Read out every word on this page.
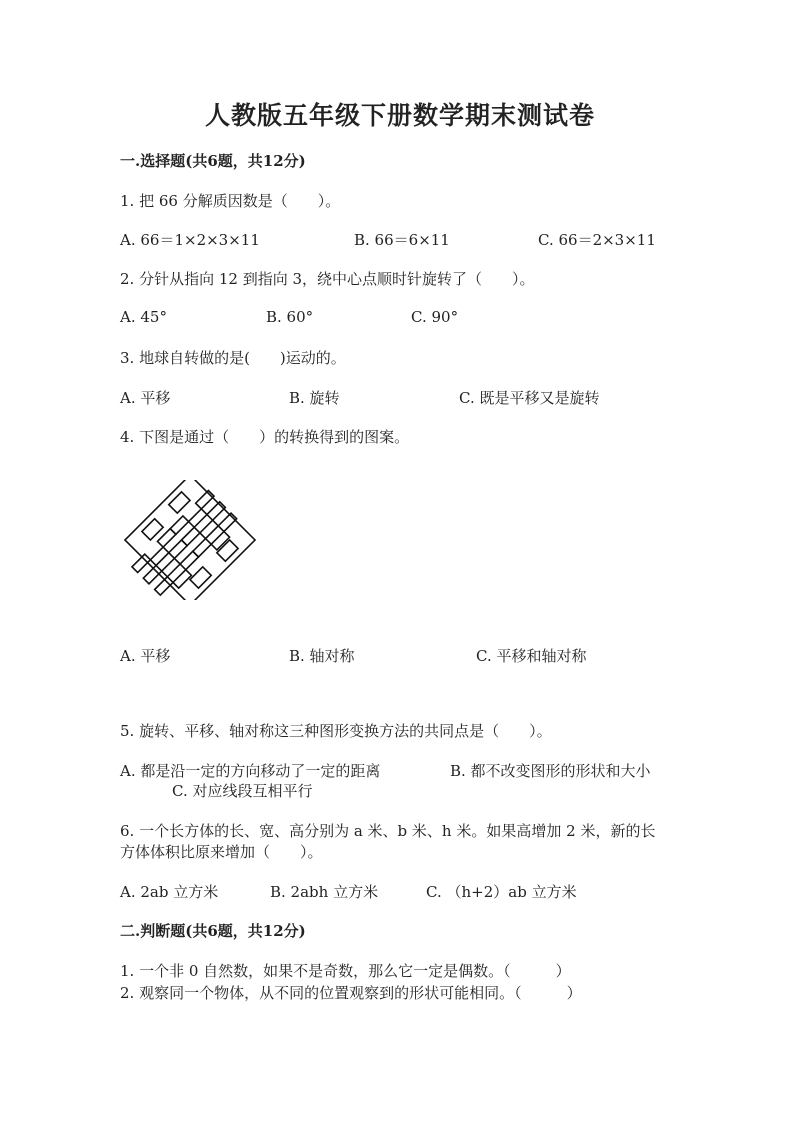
人教版五年级下册数学期末测试卷
一.选择题(共6题，共12分)
1. 把 66 分解质因数是（　　）。
A. 66＝1×2×3×11	B. 66＝6×11	C. 66＝2×3×11
2. 分针从指向 12 到指向 3，绕中心点顺时针旋转了（　　）。
A. 45°	B. 60°	C. 90°
3. 地球自转做的是(　　)运动的。
A. 平移	B. 旋转	C. 既是平移又是旋转
4. 下图是通过（　　）的转换得到的图案。
A. 平移	B. 轴对称	C. 平移和轴对称
5. 旋转、平移、轴对称这三种图形变换方法的共同点是（　　）。
A. 都是沿一定的方向移动了一定的距离	B. 都不改变图形的形状和大小
C. 对应线段互相平行
6. 一个长方体的长、宽、高分别为 a 米、b 米、h 米。如果高增加 2 米，新的长
方体体积比原来增加（　　）。
A. 2ab 立方米	B. 2abh 立方米	C. （h+2）ab 立方米
二.判断题(共6题，共12分)
1. 一个非 0 自然数，如果不是奇数，那么它一定是偶数。（　　　）
2. 观察同一个物体，从不同的位置观察到的形状可能相同。（　　　）
